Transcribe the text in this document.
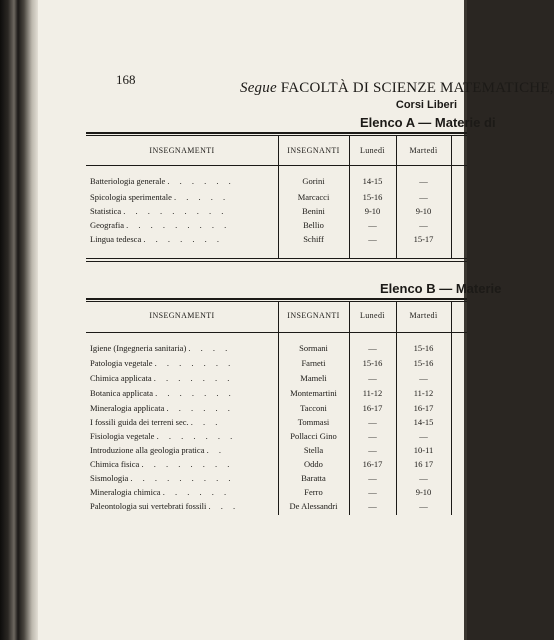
168
Segue FACOLTÀ DI SCIENZE MATEMATICHE,
Corsi Liberi
Elenco A — Materie di
INSEGNAMENTI	INSEGNANTI	Lunedì	Martedì
Batteriologia generale . . . . . .	Gorini	14-15	—
Spicologia sperimentale . . . . .	Marcacci	15-16	—
Statistica . . . . . . . . .	Benini	9-10	9-10
Geografia . . . . . . . . .	Bellio	—	—
Lingua tedesca . . . . . . .	Schiff	—	15-17
Elenco B — Materie
INSEGNAMENTI	INSEGNANTI	Lunedì	Martedì
Igiene (Ingegneria sanitaria) . . . .	Sormani	—	15-16
Patologia vegetale . . . . . . .	Farneti	15-16	15-16
Chimica applicata . . . . . . .	Mameli	—	—
Botanica applicata . . . . . . .	Montemartini	11-12	11-12
Mineralogia applicata . . . . . .	Tacconi	16-17	16-17
I fossili guida dei terreni sec. . . .	Tommasi	—	14-15
Fisiologia vegetale . . . . . . .	Pollacci Gino	—	—
Introduzione alla geologia pratica . .	Stella	—	10-11
Chimica fisica . . . . . . . .	Oddo	16-17	16 17
Sismologia . . . . . . . . .	Baratta	—	—
Mineralogia chimica . . . . . .	Ferro	—	9-10
Paleontologia sui vertebrati fossili . . .	De Alessandri	—	—
